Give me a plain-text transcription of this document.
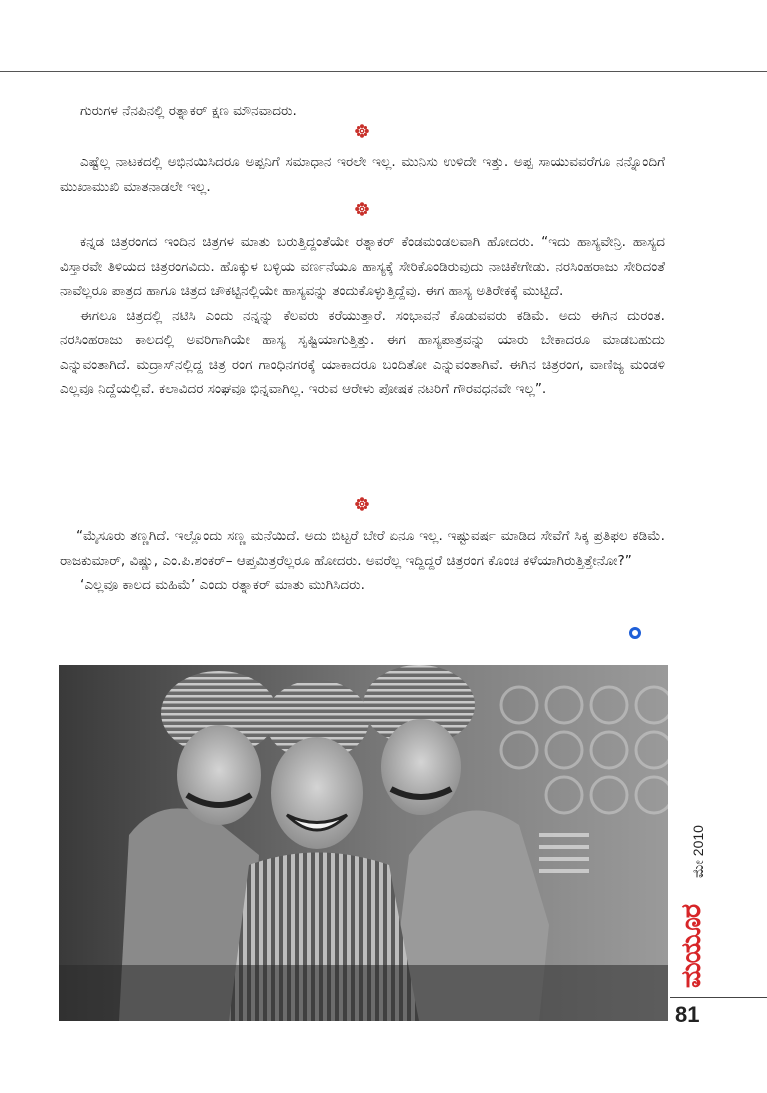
ಗುರುಗಳ ನೆನಪಿನಲ್ಲಿ ರತ್ನಾಕರ್ ಕ್ಷಣ ಮೌನವಾದರು.

ಎಷ್ಟೆಲ್ಲ ನಾಟಕದಲ್ಲಿ ಅಭಿನಯಿಸಿದರೂ ಅಪ್ಪನಿಗೆ ಸಮಾಧಾನ ಇರಲೇ ಇಲ್ಲ. ಮುನಿಸು ಉಳಿದೇ ಇತ್ತು. ಅಪ್ಪ ಸಾಯುವವರೆಗೂ ನನ್ನೊಂದಿಗೆ ಮುಖಾಮುಖಿ ಮಾತನಾಡಲೇ ಇಲ್ಲ.

ಕನ್ನಡ ಚಿತ್ರರಂಗದ ಇಂದಿನ ಚಿತ್ರಗಳ ಮಾತು ಬರುತ್ತಿದ್ದಂತೆಯೇ ರತ್ನಾಕರ್ ಕೆಂಡಮಂಡಲವಾಗಿ ಹೋದರು. “ಇದು ಹಾಸ್ಯವೇನ್ರಿ. ಹಾಸ್ಯದ ವಿಸ್ತಾರವೇ ತಿಳಿಯದ ಚಿತ್ರರಂಗವಿದು. ಹೊಕ್ಕುಳ ಬಳ್ಳಿಯ ವರ್ಣನೆಯೂ ಹಾಸ್ಯಕ್ಕೆ ಸೇರಿಕೊಂಡಿರುವುದು ನಾಚಿಕೇಗೇಡು. ನರಸಿಂಹರಾಜು ಸೇರಿದಂತೆ ನಾವೆಲ್ಲರೂ ಪಾತ್ರದ ಹಾಗೂ ಚಿತ್ರದ ಚೌಕಟ್ಟಿನಲ್ಲಿಯೇ ಹಾಸ್ಯವನ್ನು ತಂದುಕೊಳ್ಳುತ್ತಿದ್ದೆವು. ಈಗ ಹಾಸ್ಯ ಅತಿರೇಕಕ್ಕೆ ಮುಟ್ಟಿದೆ.

ಈಗಲೂ ಚಿತ್ರದಲ್ಲಿ ನಟಿಸಿ ಎಂದು ನನ್ನನ್ನು ಕೆಲವರು ಕರೆಯುತ್ತಾರೆ. ಸಂಭಾವನೆ ಕೊಡುವವರು ಕಡಿಮೆ. ಅದು ಈಗಿನ ದುರಂತ. ನರಸಿಂಹರಾಜು ಕಾಲದಲ್ಲಿ ಅವರಿಗಾಗಿಯೇ ಹಾಸ್ಯ ಸೃಷ್ಟಿಯಾಗುತ್ತಿತ್ತು. ಈಗ ಹಾಸ್ಯಪಾತ್ರವನ್ನು ಯಾರು ಬೇಕಾದರೂ ಮಾಡಬಹುದು ಎನ್ನುವಂತಾಗಿದೆ. ಮದ್ರಾಸ್‌ನಲ್ಲಿದ್ದ ಚಿತ್ರ ರಂಗ ಗಾಂಧಿನಗರಕ್ಕೆ ಯಾಕಾದರೂ ಬಂದಿತೋ ಎನ್ನುವಂತಾಗಿವೆ. ಈಗಿನ ಚಿತ್ರರಂಗ, ವಾಣಿಜ್ಯ ಮಂಡಳಿ ಎಲ್ಲವೂ ನಿದ್ದೆಯಲ್ಲಿವೆ. ಕಲಾವಿದರ ಸಂಘವೂ ಭಿನ್ನವಾಗಿಲ್ಲ. ಇರುವ ಆರೇಳು ಪೋಷಕ ನಟರಿಗೆ ಗೌರವಧನವೇ ಇಲ್ಲ”.

“ಮೈಸೂರು ತಣ್ಣಗಿದೆ. ಇಲ್ಲೊಂದು ಸಣ್ಣ ಮನೆಯಿದೆ. ಅದು ಬಿಟ್ಟರೆ ಬೇರೆ ಏನೂ ಇಲ್ಲ. ಇಷ್ಟುವರ್ಷ ಮಾಡಿದ ಸೇವೆಗೆ ಸಿಕ್ಕ ಪ್ರತಿಫಲ ಕಡಿಮೆ. ರಾಜಕುಮಾರ್, ವಿಷ್ಣು, ಎಂ.ಪಿ.ಶಂಕರ್– ಆಪ್ತಮಿತ್ರರೆಲ್ಲರೂ ಹೋದರು. ಅವರೆಲ್ಲ ಇದ್ದಿದ್ದರೆ ಚಿತ್ರರಂಗ ಕೊಂಚ ಕಳೆಯಾಗಿರುತ್ತಿತ್ತೇನೋ?”

‘ಎಲ್ಲವೂ ಕಾಲದ ಮಹಿಮೆ’ ಎಂದು ರತ್ನಾಕರ್ ಮಾತು ಮುಗಿಸಿದರು.

ಮೇ 2010
ಮಯೂರ
81
